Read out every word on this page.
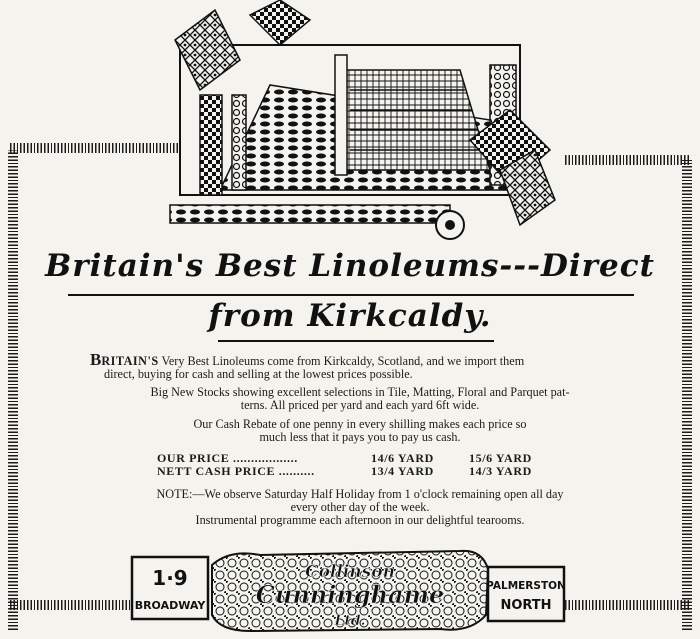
Britain's Best Linoleums---Direct
from Kirkcaldy.

BRITAIN'S Very Best Linoleums come from Kirkcaldy, Scotland, and we import them
direct, buying for cash and selling at the lowest prices possible.

Big New Stocks showing excellent selections in Tile, Matting, Floral and Parquet pat-
terns. All priced per yard and each yard 6ft wide.

Our Cash Rebate of one penny in every shilling makes each price so
much less that it pays you to pay us cash.

OUR PRICE ..................	14/6 YARD	15/6 YARD
NETT CASH PRICE ..........	13/4 YARD	14/3 YARD

NOTE:—We observe Saturday Half Holiday from 1 o'clock remaining open all day
every other day of the week.

Instrumental programme each afternoon in our delightful tearooms.

1·9
BROADWAY
Collinson
Cunninghame
Ltd.
PALMERSTON
NORTH
